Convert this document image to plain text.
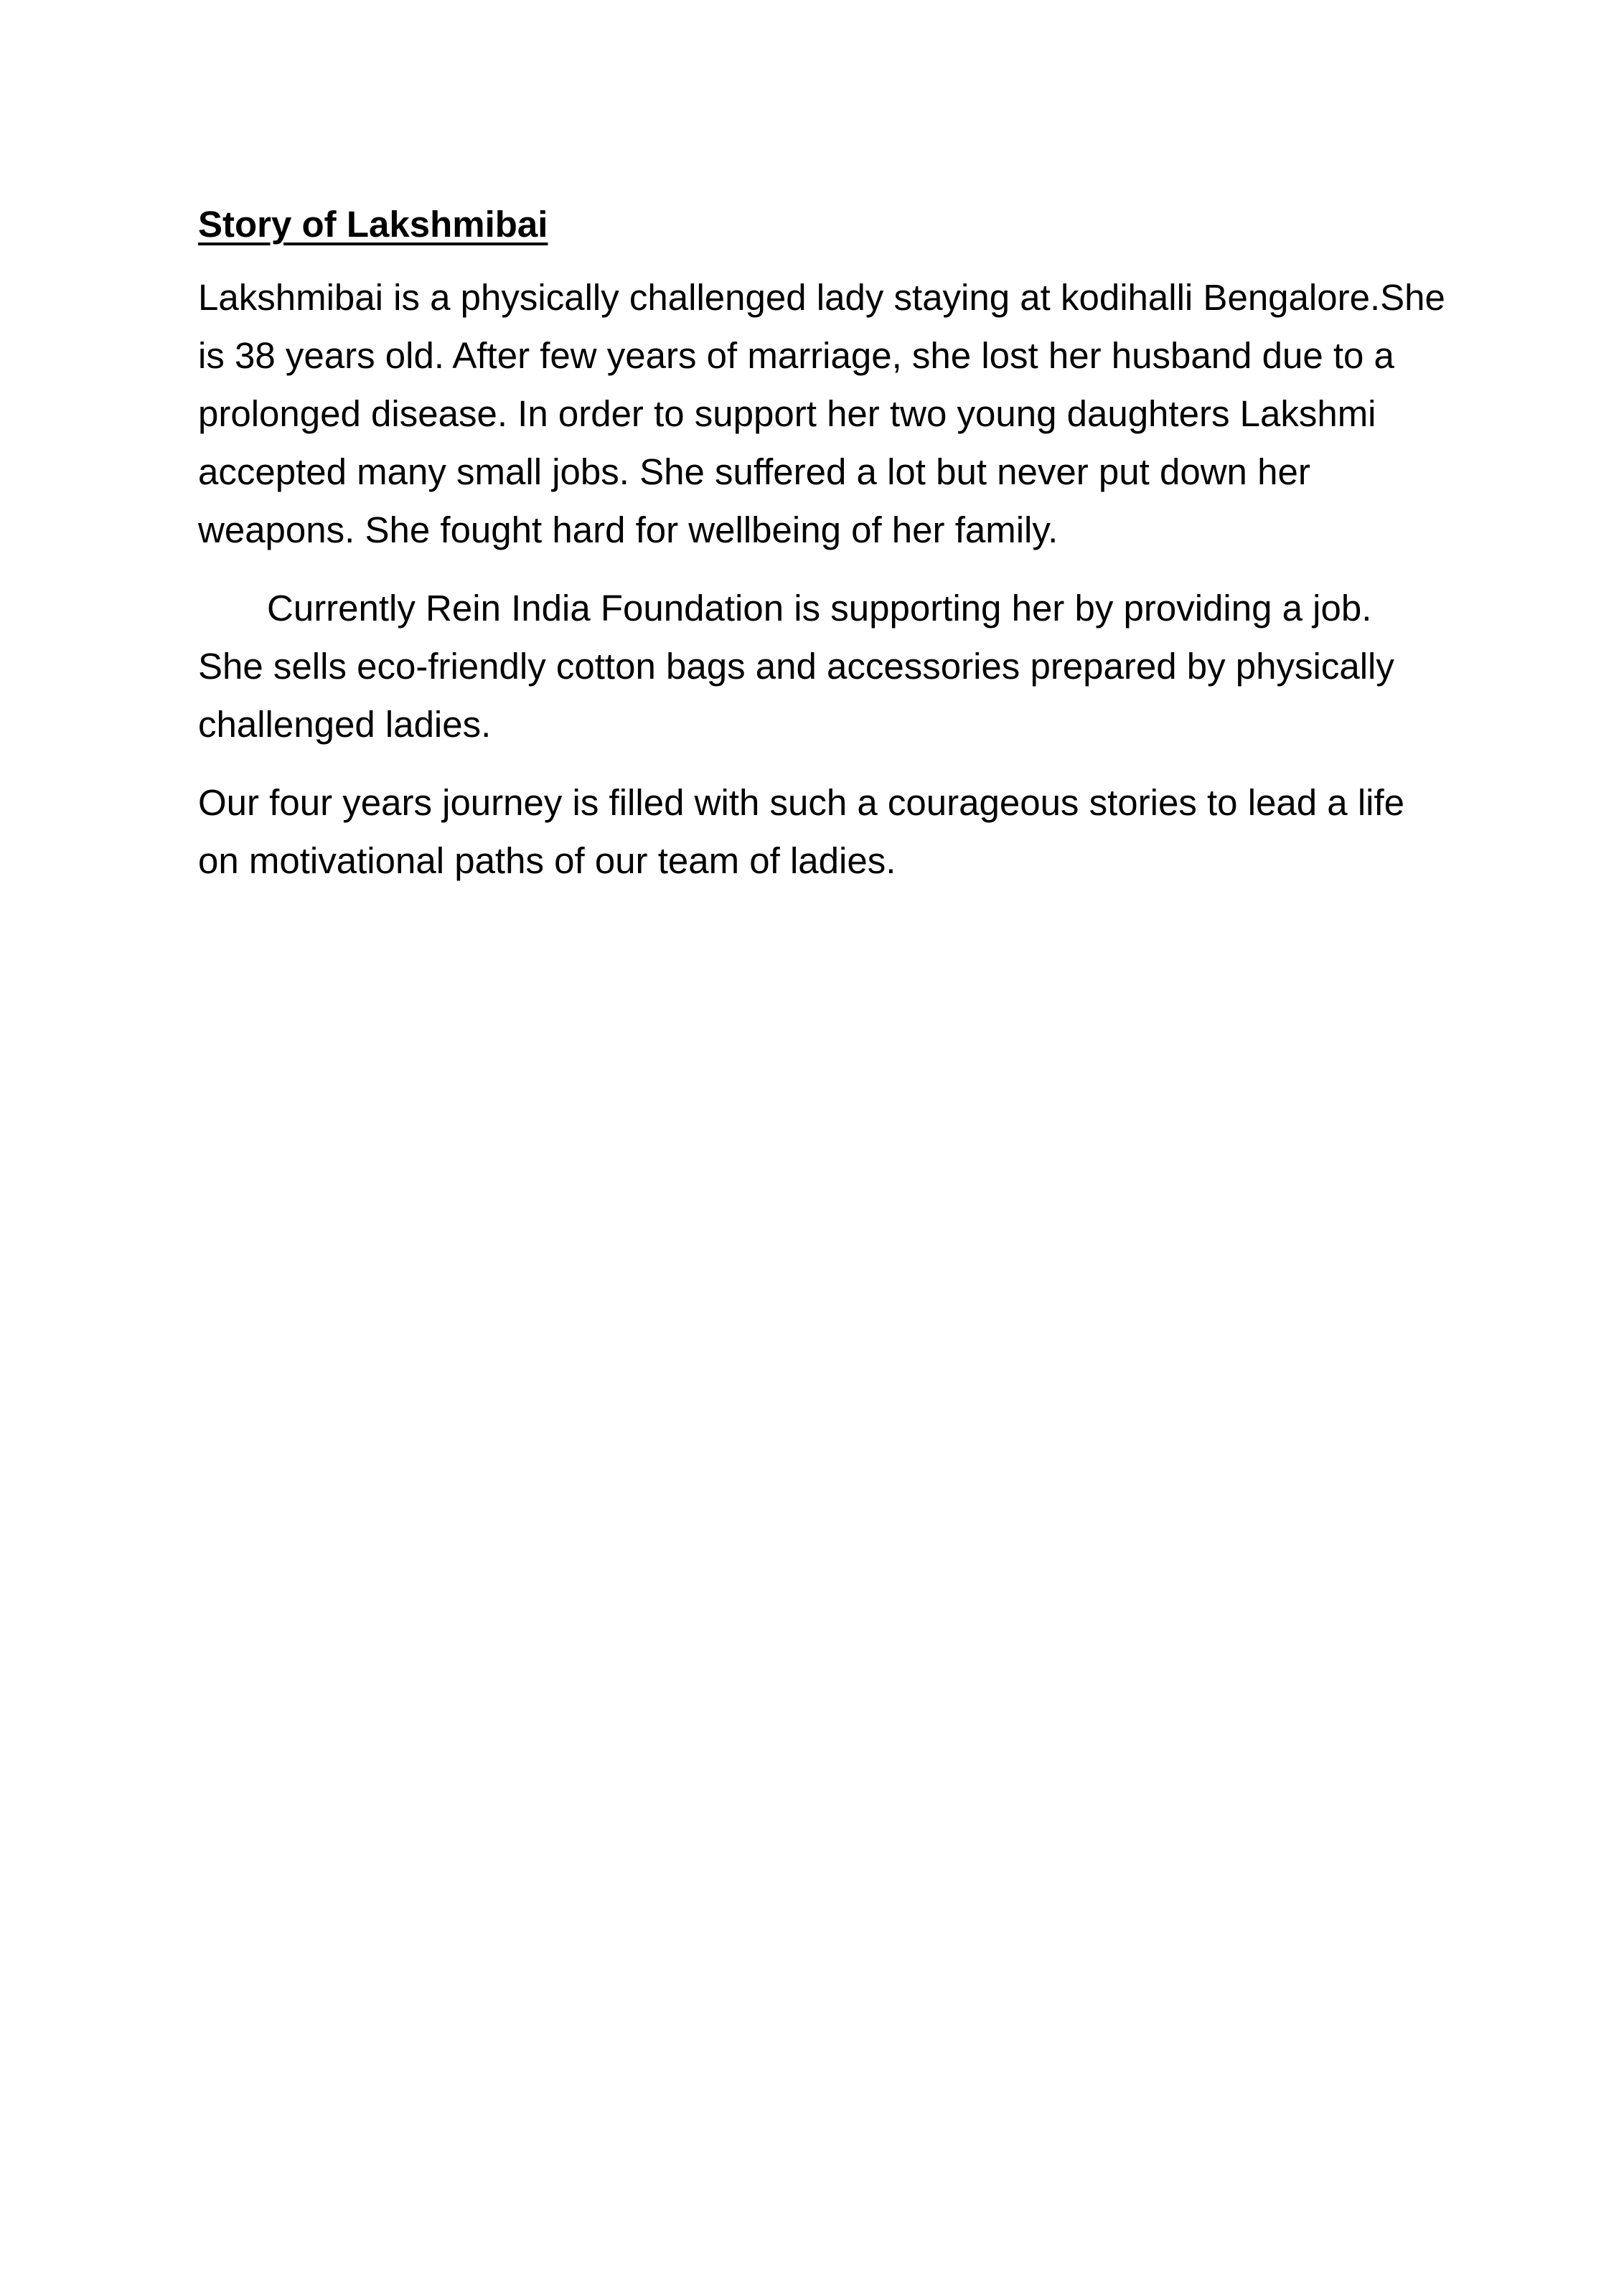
Story of Lakshmibai

Lakshmibai is a physically challenged lady staying at kodihalli Bengalore.She is 38 years old. After few years of marriage, she lost her husband due to a prolonged disease. In order to support her two young daughters Lakshmi accepted many small jobs. She suffered a lot but never put down her weapons. She fought hard for wellbeing of her family.

Currently Rein India Foundation is supporting her by providing a job. She sells eco-friendly cotton bags and accessories prepared by physically challenged ladies.

Our four years journey is filled with such a courageous stories to lead a life on motivational paths of our team of ladies.
